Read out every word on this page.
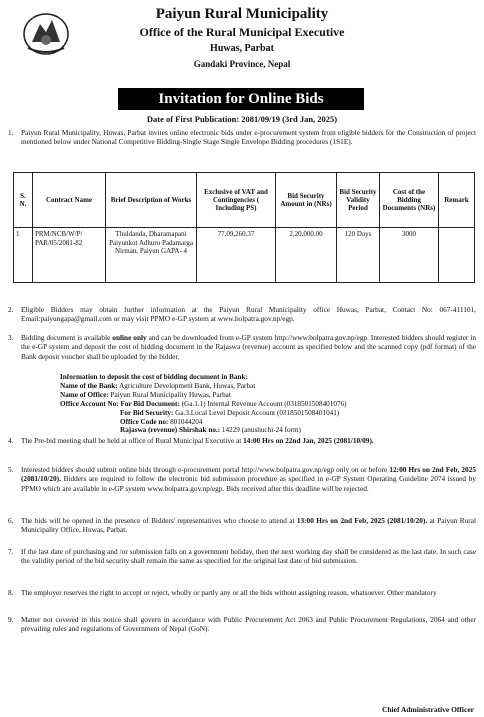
Paiyun Rural Municipality
Office of the Rural Municipal Executive
Huwas, Parbat
Gandaki Province, Nepal
Invitation for Online Bids
Date of First Publication: 2081/09/19 (3rd Jan, 2025)
1. Paiyun Rural Municipality, Huwas, Parbat invites online electronic bids under e-procurement system from eligible bidders for the Construction of project mentioned below under National Competitive Bidding-Single Stage Single Envelope Bidding procedures (1S1E).
S. N.	Contract Name	Brief Description of Works	Exclusive of VAT and Contingencies ( Including PS)	Bid Security Amount in (NRs)	Bid Security Validity Period	Cost of the Bidding Documents (NRs)	Remark
1	PRM/NCB/W/P/ PAR/05/2081-82	Thuldanda, Dharamapani Paiyunkot Adhuro Padamarga Nirman, Paiyun GAPA- 4	77,09,260.37	2,20,000.00	120 Days	3000	
2. Eligible Bidders may obtain further information at the Paiyun Rural Municipality office Huwas, Parbat, Contact No: 067-411101, Email:paiyungapa@gmail.com or may visit PPMO e-GP system at www.bolpatra.gov.np/egp.
3. Bidding document is available online only and can be downloaded from e-GP system http://www.bolpatra.gov.np/egp. Interested bidders should register in the e-GP system and deposit the cost of bidding document in the Rajaswa (revenue) account as specified below and the scanned copy (pdf format) of the Bank deposit voucher shall be uploaded by the bidder.
Information to deposit the cost of bidding document in Bank:
Name of the Bank: Agriculture Development Bank, Huwas, Parbat
Name of Office: Paiyun Rural Municipality Huwas, Parbat
Office Account No: For Bid Document: (Ga.1.1) Internal Revenue Account (0318501508401076)
For Bid Security: Ga.3.Local Level Deposit Account (0318501508401041)
Office Code no: 801044204
Rajaswa (revenue) Shirshak no.: 14229 (anushuchi-24 form)
4. The Pre-bid meeting shall be held at office of Rural Municipal Executive at 14:00 Hrs on 22nd Jan, 2025 (2081/10/09).
5. Interested bidders should submit online bids through e-procurement portal http://www.bolpatra.gov.np/egp only on or before 12:00 Hrs on 2nd Feb, 2025 (2081/10/20). Bidders are required to follow the electronic bid submission procedure as specified in e-GP System Operating Guideline 2074 issued by PPMO which are available in e-GP system www.bolpatra.gov.np/egp. Bids received after this deadline will be rejected.
6. The bids will be opened in the presence of Bidders' representatives who choose to attend at 13:00 Hrs on 2nd Feb, 2025 (2081/10/20). at Paiyun Rural Municipality Office, Huwas, Parbat.
7. If the last date of purchasing and /or submission falls on a government holiday, then the next working day shall be considered as the last date. In such case the validity period of the bid security shall remain the same as specified for the original last date of bid submission.
8. The employer reserves the right to accept or reject, wholly or partly any or all the bids without assigning reason, whatsoever. Other mandatory
9. Matter not covered in this notice shall govern in accordance with Public Procurement Act 2063 and Public Procurement Regulations, 2064 and other prevailing rules and regulations of Government of Nepal (GoN).
Chief Administrative Officer
